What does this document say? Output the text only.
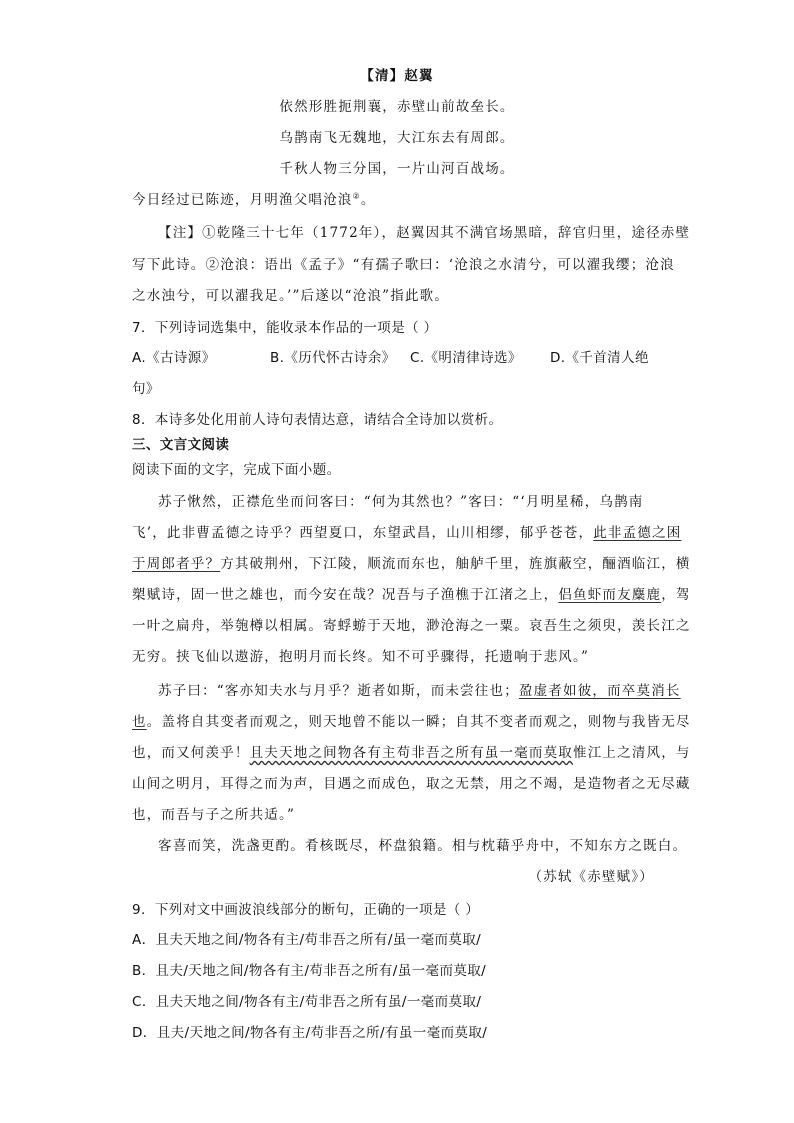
【清】赵翼
依然形胜扼荆襄，赤壁山前故垒长。
乌鹊南飞无魏地，大江东去有周郎。
千秋人物三分国，一片山河百战场。
今日经过已陈迹，月明渔父唱沧浪②。
【注】①乾隆三十七年（1772年），赵翼因其不满官场黑暗，辞官归里，途径赤壁
写下此诗。②沧浪：语出《孟子》“有孺子歌曰：‘沧浪之水清兮，可以濯我缨；沧浪
之水浊兮，可以濯我足。’”后遂以“沧浪”指此歌。
7．下列诗词选集中，能收录本作品的一项是（ ）
A.《古诗源》	B.《历代怀古诗余》 C.《明清律诗选》 D.《千首清人绝
句》
8．本诗多处化用前人诗句表情达意，请结合全诗加以赏析。
三、文言文阅读
阅读下面的文字，完成下面小题。
苏子愀然，正襟危坐而问客曰：“何为其然也？”客曰：“‘月明星稀，乌鹊南
飞’，此非曹孟德之诗乎？西望夏口，东望武昌，山川相缪，郁乎苍苍，此非孟德之困
于周郎者乎？方其破荆州，下江陵，顺流而东也，舳舻千里，旌旗蔽空，酾酒临江，横
槊赋诗，固一世之雄也，而今安在哉？况吾与子渔樵于江渚之上，侣鱼虾而友麋鹿，驾
一叶之扁舟，举匏樽以相属。寄蜉蝣于天地，渺沧海之一粟。哀吾生之须臾，羡长江之
无穷。挟飞仙以遨游，抱明月而长终。知不可乎骤得，托遗响于悲风。”
苏子曰：“客亦知夫水与月乎？逝者如斯，而未尝往也；盈虚者如彼，而卒莫消长
也。盖将自其变者而观之，则天地曾不能以一瞬；自其不变者而观之，则物与我皆无尽
也，而又何羡乎！且夫天地之间物各有主苟非吾之所有虽一毫而莫取惟江上之清风，与
山间之明月，耳得之而为声，目遇之而成色，取之无禁，用之不竭，是造物者之无尽藏
也，而吾与子之所共适。”
客喜而笑，洗盏更酌。肴核既尽，杯盘狼籍。相与枕藉乎舟中，不知东方之既白。
（苏轼《赤壁赋》）
9．下列对文中画波浪线部分的断句，正确的一项是（ ）
A．且夫天地之间/物各有主/苟非吾之所有/虽一毫而莫取/
B．且夫/天地之间/物各有主/苟非吾之所有/虽一毫而莫取/
C．且夫天地之间/物各有主/苟非吾之所有虽/一毫而莫取/
D．且夫/天地之间/物各有主/苟非吾之所/有虽一毫而莫取/
